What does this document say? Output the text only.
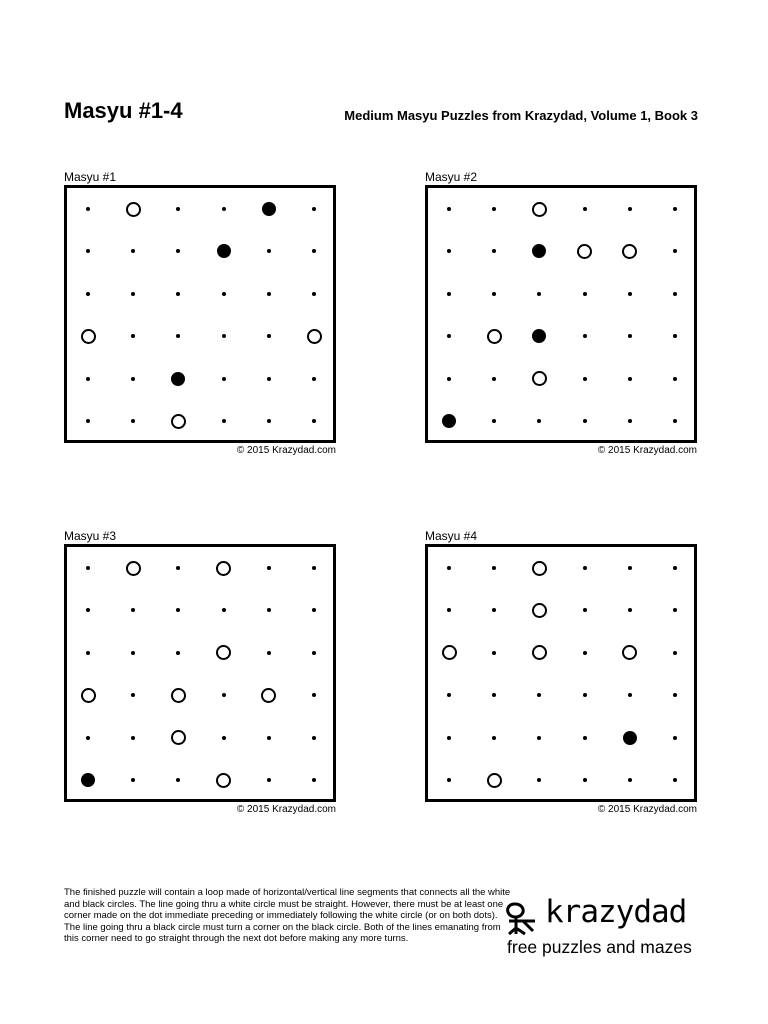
Masyu #1-4	Medium Masyu Puzzles from Krazydad, Volume 1, Book 3
Masyu #1
© 2015 Krazydad.com
Masyu #2
© 2015 Krazydad.com
Masyu #3
© 2015 Krazydad.com
Masyu #4
© 2015 Krazydad.com

The finished puzzle will contain a loop made of horizontal/vertical line segments that connects all the white and black circles. The line going thru a white circle must be straight. However, there must be at least one corner made on the dot immediate preceding or immediately following the white circle (or on both dots). The line going thru a black circle must turn a corner on the black circle. Both of the lines emanating from this corner need to go straight through the next dot before making any more turns.

krazydad
free puzzles and mazes
